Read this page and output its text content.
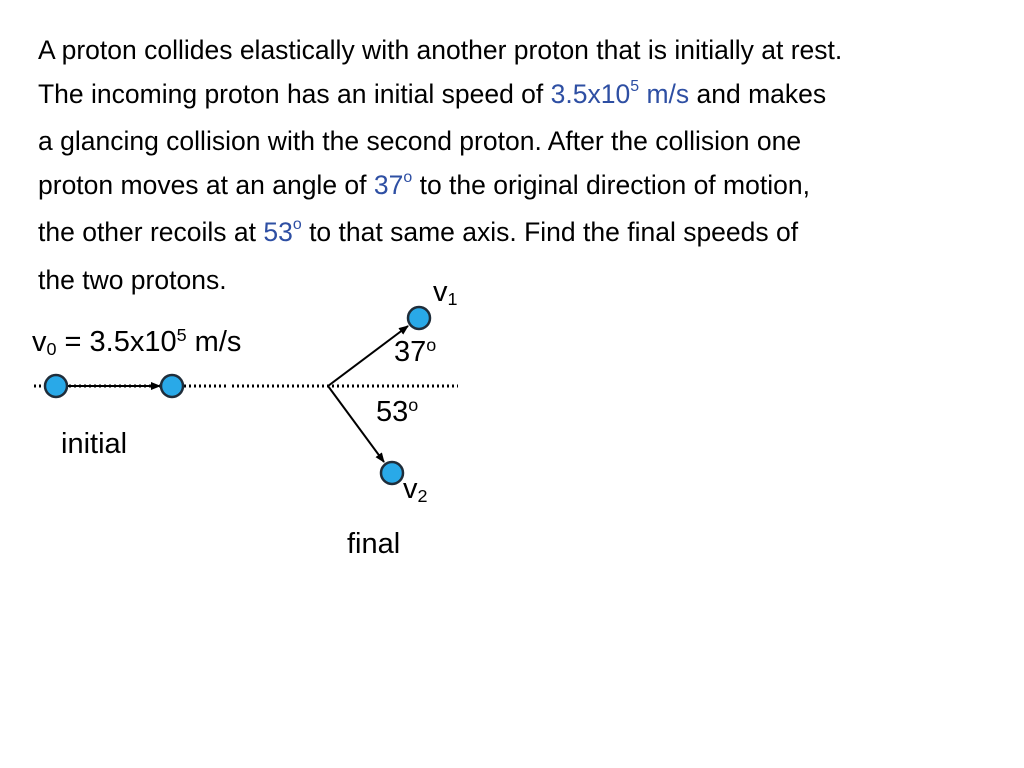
A proton collides elastically with another proton that is initially at rest.
The incoming proton has an initial speed of $3.5x10^5$ m/s and makes
a glancing collision with the second proton. After the collision one
proton moves at an angle of 37$^o$ to the original direction of motion,
the other recoils at 53$^o$ to that same axis. Find the final speeds of
the two protons.
$v0 = 3.5x10^5$ m/s
initial
v1
37$^o$
53$^o$
v2
final
